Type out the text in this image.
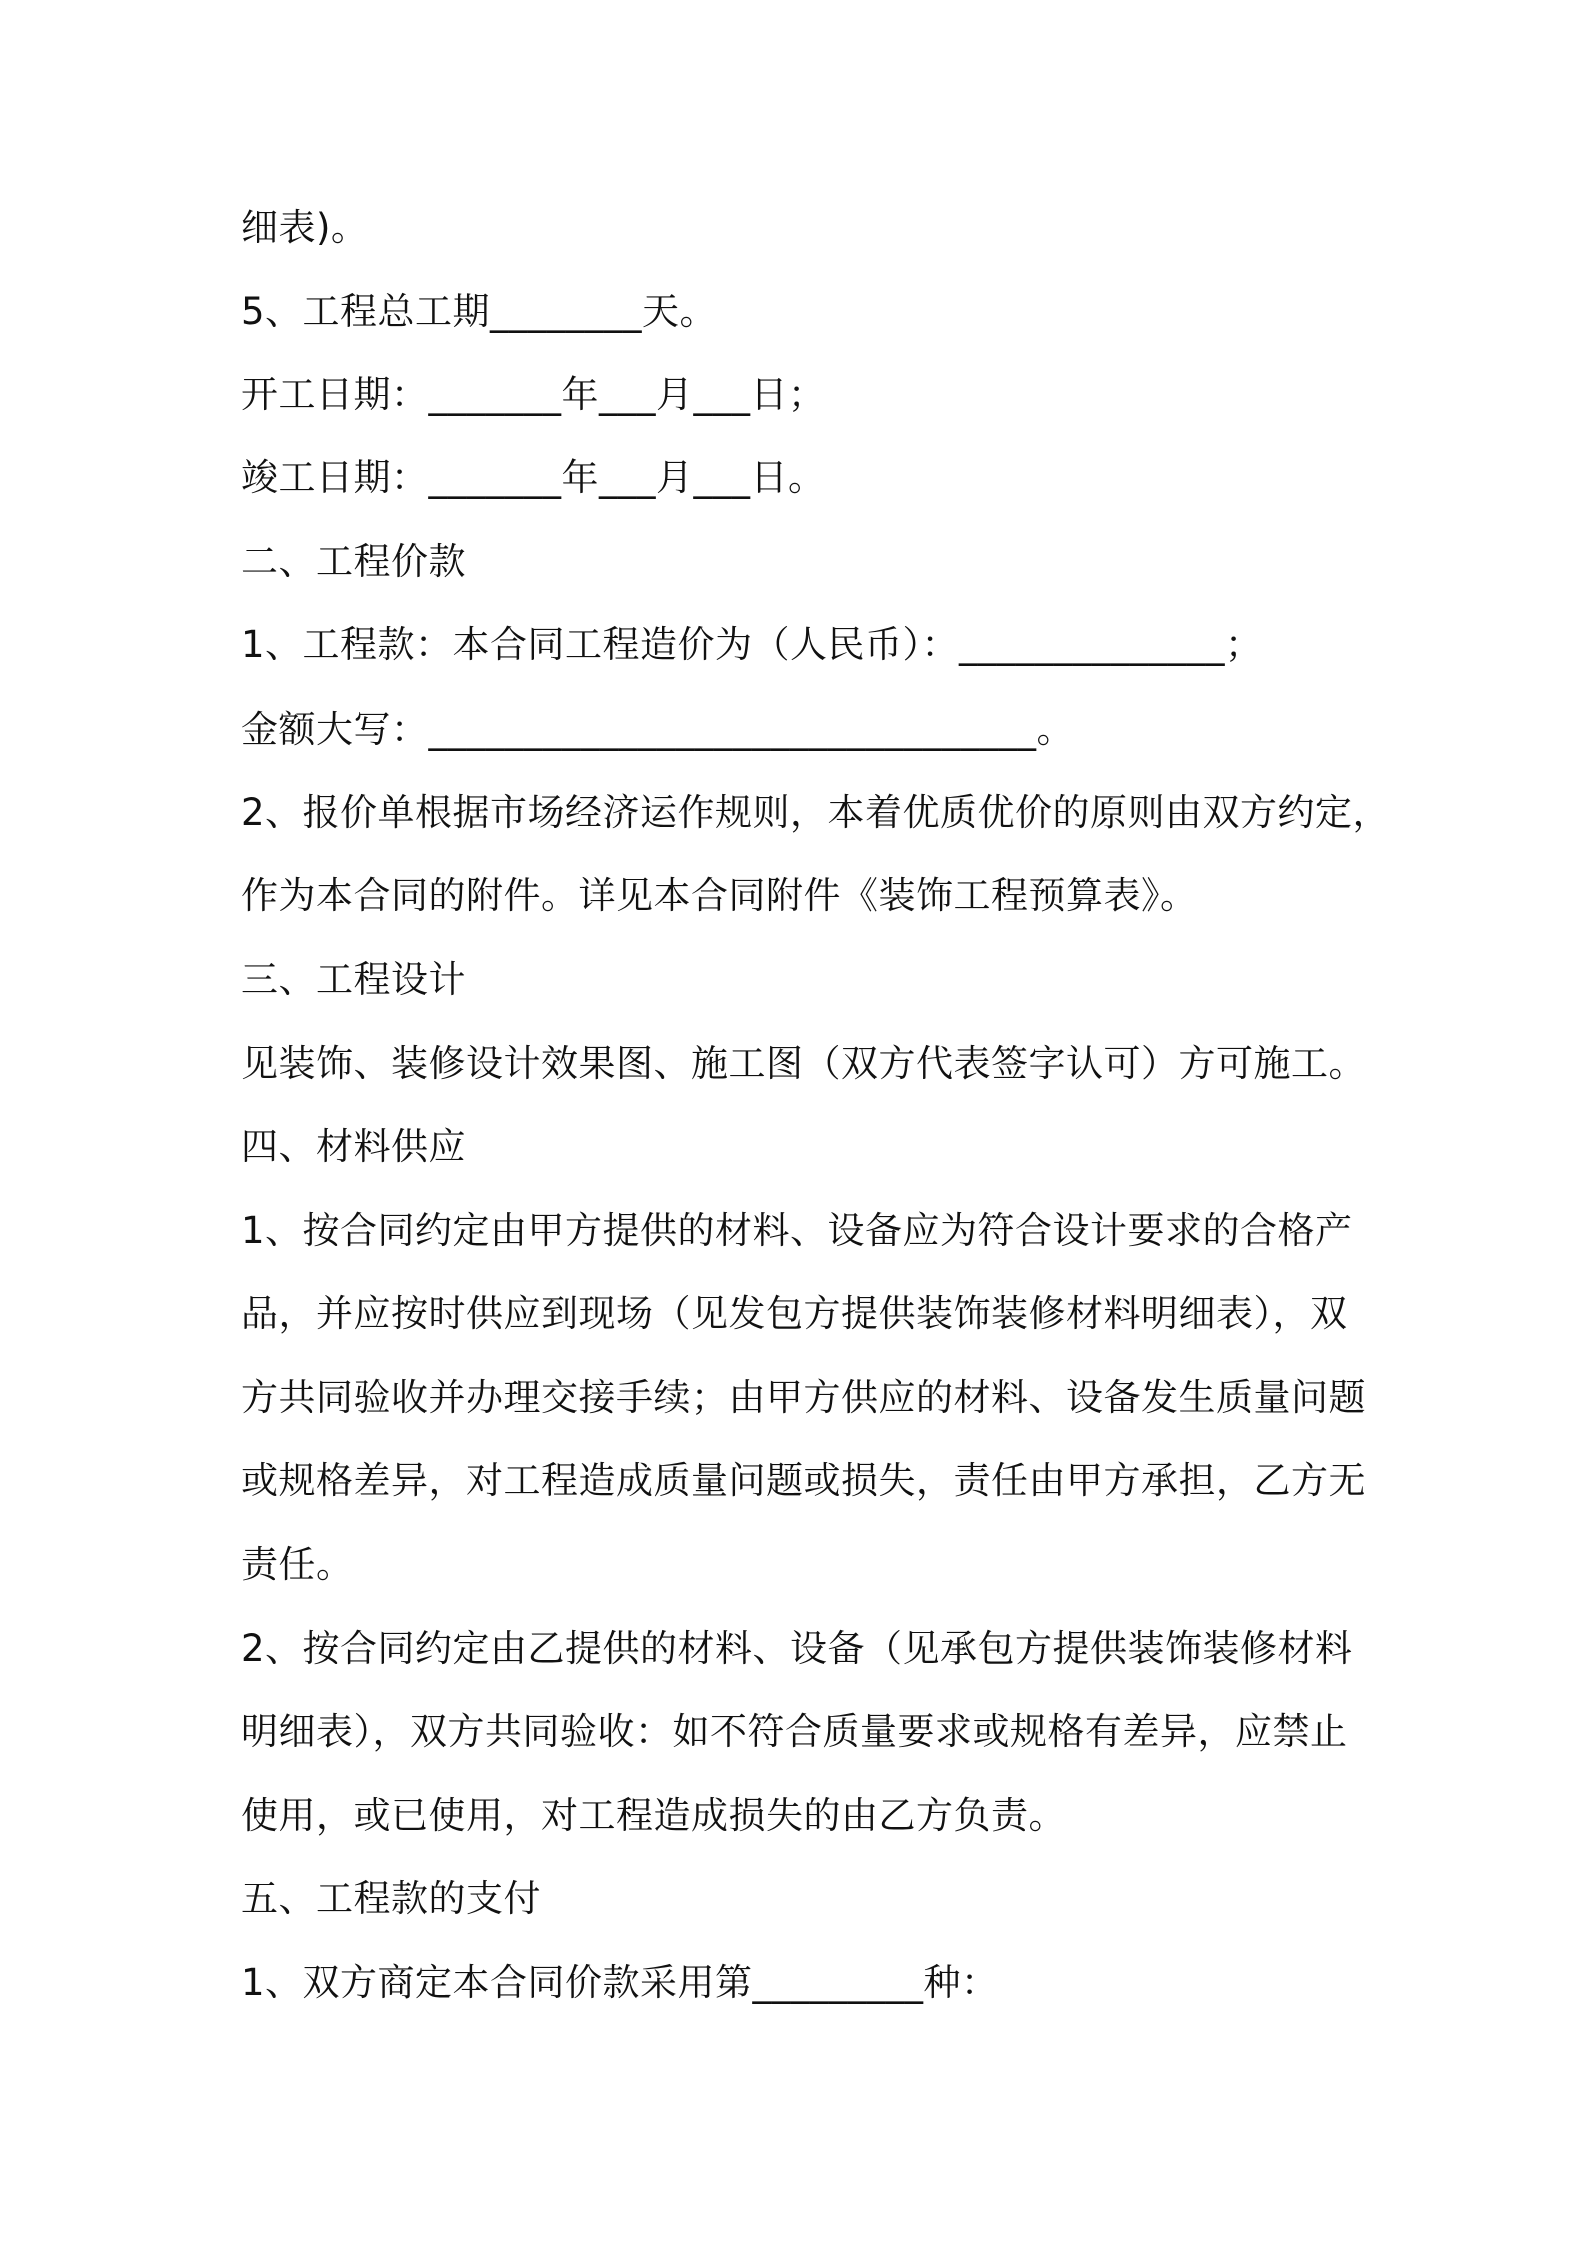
细表)。
5、工程总工期________天。
开工日期：_______年___月___日；
竣工日期：_______年___月___日。
二、工程价款
1、工程款：本合同工程造价为（人民币）：______________；
金额大写：________________________________。
2、报价单根据市场经济运作规则，本着优质优价的原则由双方约定，
作为本合同的附件。详见本合同附件《装饰工程预算表》。
三、工程设计
见装饰、装修设计效果图、施工图（双方代表签字认可）方可施工。
四、材料供应
1、按合同约定由甲方提供的材料、设备应为符合设计要求的合格产
品，并应按时供应到现场（见发包方提供装饰装修材料明细表），双
方共同验收并办理交接手续；由甲方供应的材料、设备发生质量问题
或规格差异，对工程造成质量问题或损失，责任由甲方承担，乙方无
责任。
2、按合同约定由乙提供的材料、设备（见承包方提供装饰装修材料
明细表），双方共同验收：如不符合质量要求或规格有差异，应禁止
使用，或已使用，对工程造成损失的由乙方负责。
五、工程款的支付
1、双方商定本合同价款采用第_________种：
